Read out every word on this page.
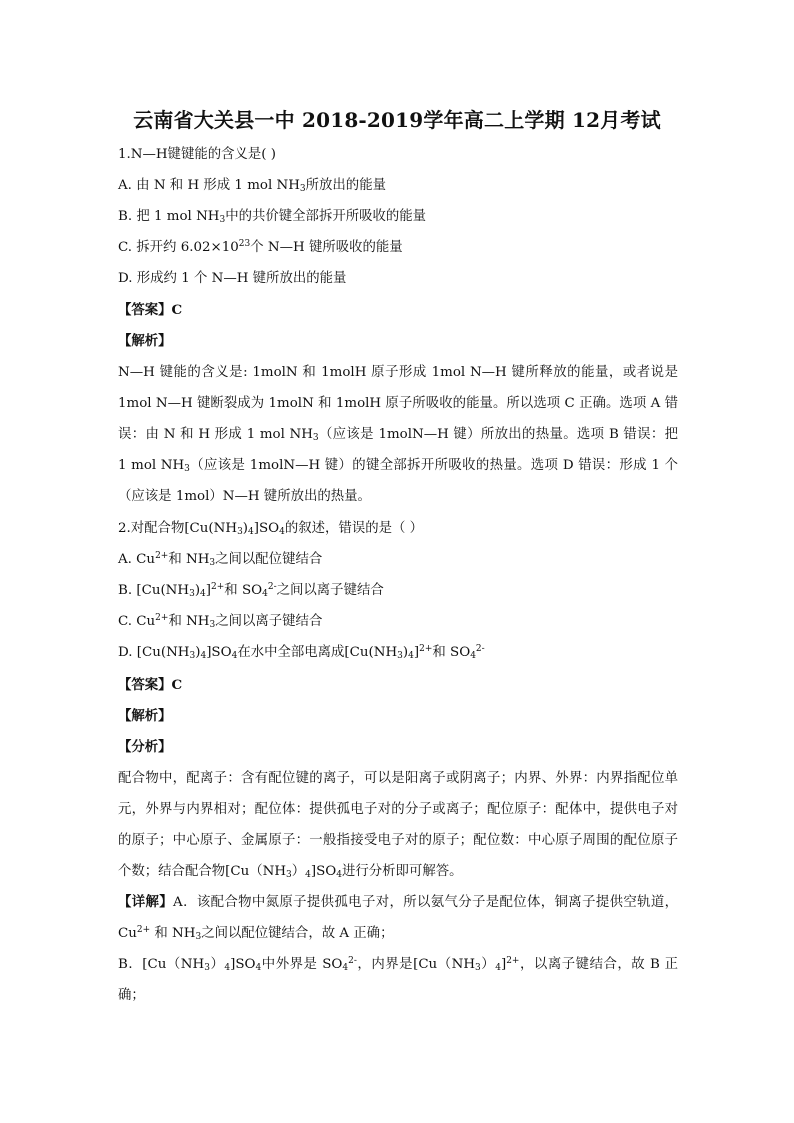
云南省大关县一中 2018-2019学年高二上学期 12月考试
1.N—H键键能的含义是( )
A. 由 N 和 H 形成 1 mol $NH_3$所放出的能量
B. 把 1 mol $NH_3$中的共价键全部拆开所吸收的能量
C. 拆开约 $6.02\times 10^{23}$个 N—H 键所吸收的能量
D. 形成约 1 个 N—H 键所放出的能量
【答案】C
【解析】
N—H 键能的含义是: 1molN 和 1molH 原子形成 1mol N—H 键所释放的能量，或者说是 1mol N—H 键断裂成为 1molN 和 1molH 原子所吸收的能量。所以选项 C 正确。选项 A 错误：由 N 和 H 形成 1 mol $NH_3$（应该是 1molN—H 键）所放出的热量。选项 B 错误：把 1 mol $NH_3$（应该是 1molN—H 键）的键全部拆开所吸收的热量。选项 D 错误：形成 1 个（应该是 1mol）N—H 键所放出的热量。
2.对配合物$[Cu(NH_3)_4]SO_4$的叙述，错误的是（ ）
A. $Cu^{2+}$和 $NH_3$之间以配位键结合
B. $[Cu(NH_3)_4]^{2+}$和 $SO_4^{2-}$之间以离子键结合
C. $Cu^{2+}$和 $NH_3$之间以离子键结合
D. $[Cu(NH_3)_4]SO_4$在水中全部电离成$[Cu(NH_3)_4]^{2+}$和 $SO_4^{2-}$
【答案】C
【解析】
【分析】
配合物中，配离子：含有配位键的离子，可以是阳离子或阴离子；内界、外界：内界指配位单元，外界与内界相对；配位体：提供孤电子对的分子或离子；配位原子：配体中，提供电子对的原子；中心原子、金属原子：一般指接受电子对的原子；配位数：中心原子周围的配位原子个数；结合配合物$[Cu(NH_3)_4]SO_4$进行分析即可解答。
【详解】A．该配合物中氮原子提供孤电子对，所以氨气分子是配位体，铜离子提供空轨道，$Cu^{2+}$ 和 $NH_3$之间以配位键结合，故 A 正确；
B．$[Cu(NH_3)_4]SO_4$中外界是 $SO_4^{2-}$，内界是$[Cu(NH_3)_4]^{2+}$，以离子键结合，故 B 正确；
